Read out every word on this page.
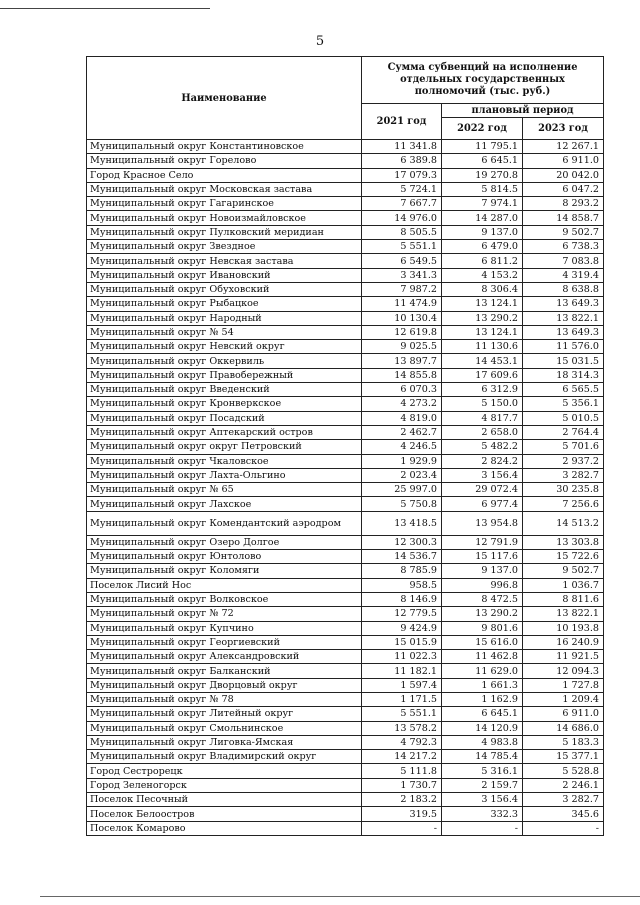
5
Наименование	Сумма субвенций на исполнение отдельных государственных полномочий (тыс. руб.)		
	2021 год	плановый период	
		2022 год	2023 год
Муниципальный округ Константиновское	11 341.8	11 795.1	12 267.1
Муниципальный округ Горелово	6 389.8	6 645.1	6 911.0
Город Красное Село	17 079.3	19 270.8	20 042.0
Муниципальный округ Московская застава	5 724.1	5 814.5	6 047.2
Муниципальный округ Гагаринское	7 667.7	7 974.1	8 293.2
Муниципальный округ Новоизмайловское	14 976.0	14 287.0	14 858.7
Муниципальный округ Пулковский меридиан	8 505.5	9 137.0	9 502.7
Муниципальный округ Звездное	5 551.1	6 479.0	6 738.3
Муниципальный округ Невская застава	6 549.5	6 811.2	7 083.8
Муниципальный округ Ивановский	3 341.3	4 153.2	4 319.4
Муниципальный округ Обуховский	7 987.2	8 306.4	8 638.8
Муниципальный округ Рыбацкое	11 474.9	13 124.1	13 649.3
Муниципальный округ Народный	10 130.4	13 290.2	13 822.1
Муниципальный округ № 54	12 619.8	13 124.1	13 649.3
Муниципальный округ Невский округ	9 025.5	11 130.6	11 576.0
Муниципальный округ Оккервиль	13 897.7	14 453.1	15 031.5
Муниципальный округ Правобережный	14 855.8	17 609.6	18 314.3
Муниципальный округ Введенский	6 070.3	6 312.9	6 565.5
Муниципальный округ Кронверкское	4 273.2	5 150.0	5 356.1
Муниципальный округ Посадский	4 819.0	4 817.7	5 010.5
Муниципальный округ Аптекарский остров	2 462.7	2 658.0	2 764.4
Муниципальный округ округ Петровский	4 246.5	5 482.2	5 701.6
Муниципальный округ Чкаловское	1 929.9	2 824.2	2 937.2
Муниципальный округ Лахта-Ольгино	2 023.4	3 156.4	3 282.7
Муниципальный округ № 65	25 997.0	29 072.4	30 235.8
Муниципальный округ Лахское	5 750.8	6 977.4	7 256.6
Муниципальный округ Комендантский аэродром	13 418.5	13 954.8	14 513.2
Муниципальный округ Озеро Долгое	12 300.3	12 791.9	13 303.8
Муниципальный округ Юнтолово	14 536.7	15 117.6	15 722.6
Муниципальный округ Коломяги	8 785.9	9 137.0	9 502.7
Поселок Лисий Нос	958.5	996.8	1 036.7
Муниципальный округ Волковское	8 146.9	8 472.5	8 811.6
Муниципальный округ № 72	12 779.5	13 290.2	13 822.1
Муниципальный округ Купчино	9 424.9	9 801.6	10 193.8
Муниципальный округ Георгиевский	15 015.9	15 616.0	16 240.9
Муниципальный округ Александровский	11 022.3	11 462.8	11 921.5
Муниципальный округ Балканский	11 182.1	11 629.0	12 094.3
Муниципальный округ Дворцовый округ	1 597.4	1 661.3	1 727.8
Муниципальный округ № 78	1 171.5	1 162.9	1 209.4
Муниципальный округ Литейный округ	5 551.1	6 645.1	6 911.0
Муниципальный округ Смольнинское	13 578.2	14 120.9	14 686.0
Муниципальный округ Лиговка-Ямская	4 792.3	4 983.8	5 183.3
Муниципальный округ Владимирский округ	14 217.2	14 785.4	15 377.1
Город Сестрорецк	5 111.8	5 316.1	5 528.8
Город Зеленогорск	1 730.7	2 159.7	2 246.1
Поселок Песочный	2 183.2	3 156.4	3 282.7
Поселок Белоостров	319.5	332.3	345.6
Поселок Комарово	-	-	-
